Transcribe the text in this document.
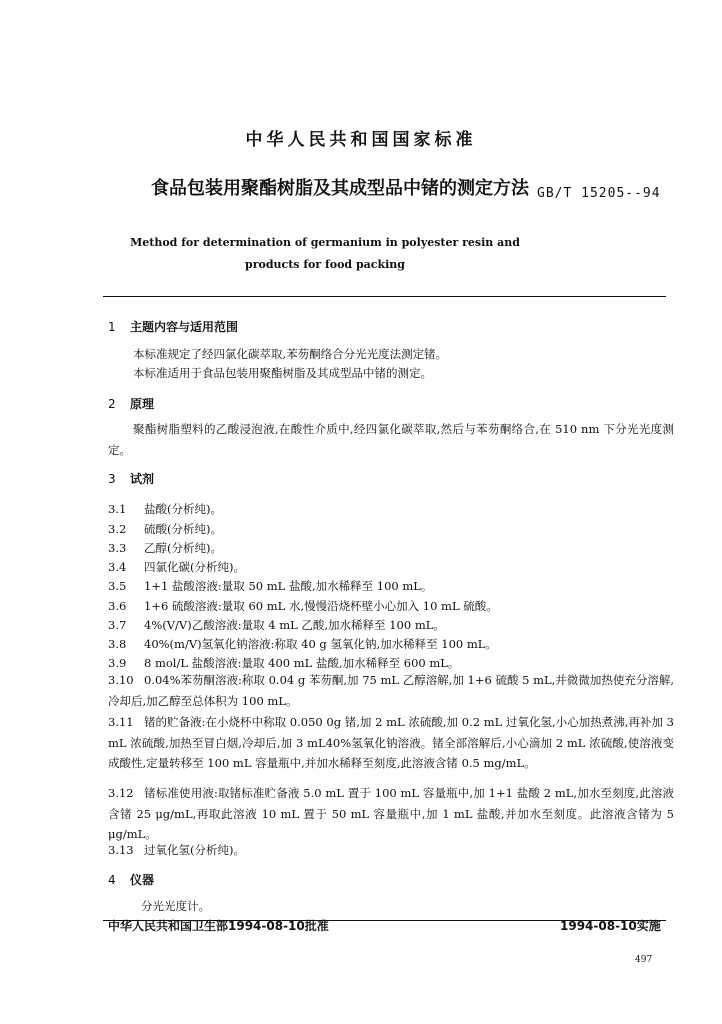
中华人民共和国国家标准
食品包装用聚酯树脂及其成型品中锗的测定方法 GB/T 15205--94
Method for determination of germanium in polyester resin and products for food packing
1 主题内容与适用范围
本标准规定了经四氯化碳萃取,苯芴酮络合分光光度法测定锗。
本标准适用于食品包装用聚酯树脂及其成型品中锗的测定。
2 原理
聚酯树脂塑料的乙酸浸泡液,在酸性介质中,经四氯化碳萃取,然后与苯芴酮络合,在 510 nm 下分光光度测定。
3 试剂
3.1 盐酸(分析纯)。
3.2 硫酸(分析纯)。
3.3 乙醇(分析纯)。
3.4 四氯化碳(分析纯)。
3.5 1+1 盐酸溶液:量取 50 mL 盐酸,加水稀释至 100 mL。
3.6 1+6 硫酸溶液:量取 60 mL 水,慢慢沿烧杯壁小心加入 10 mL 硫酸。
3.7 4%(V/V)乙酸溶液:量取 4 mL 乙酸,加水稀释至 100 mL。
3.8 40%(m/V)氢氧化钠溶液:称取 40 g 氢氧化钠,加水稀释至 100 mL。
3.9 8 mol/L 盐酸溶液:量取 400 mL 盐酸,加水稀释至 600 mL。
3.10 0.04%苯芴酮溶液:称取 0.04 g 苯芴酮,加 75 mL 乙醇溶解,加 1+6 硫酸 5 mL,并微微加热使充分溶解,冷却后,加乙醇至总体积为 100 mL。
3.11 锗的贮备液:在小烧杯中称取 0.050 0g 锗,加 2 mL 浓硫酸,加 0.2 mL 过氧化氢,小心加热煮沸,再补加 3 mL 浓硫酸,加热至冒白烟,冷却后,加 3 mL40%氢氧化钠溶液。锗全部溶解后,小心滴加 2 mL 浓硫酸,使溶液变成酸性,定量转移至 100 mL 容量瓶中,并加水稀释至刻度,此溶液含锗 0.5 mg/mL。
3.12 锗标准使用液:取锗标准贮备液 5.0 mL 置于 100 mL 容量瓶中,加 1+1 盐酸 2 mL,加水至刻度,此溶液含锗 25 μg/mL,再取此溶液 10 mL 置于 50 mL 容量瓶中,加 1 mL 盐酸,并加水至刻度。此溶液含锗为 5 μg/mL。
3.13 过氧化氢(分析纯)。
4 仪器
分光光度计。
中华人民共和国卫生部1994-08-10批准	1994-08-10实施
497
